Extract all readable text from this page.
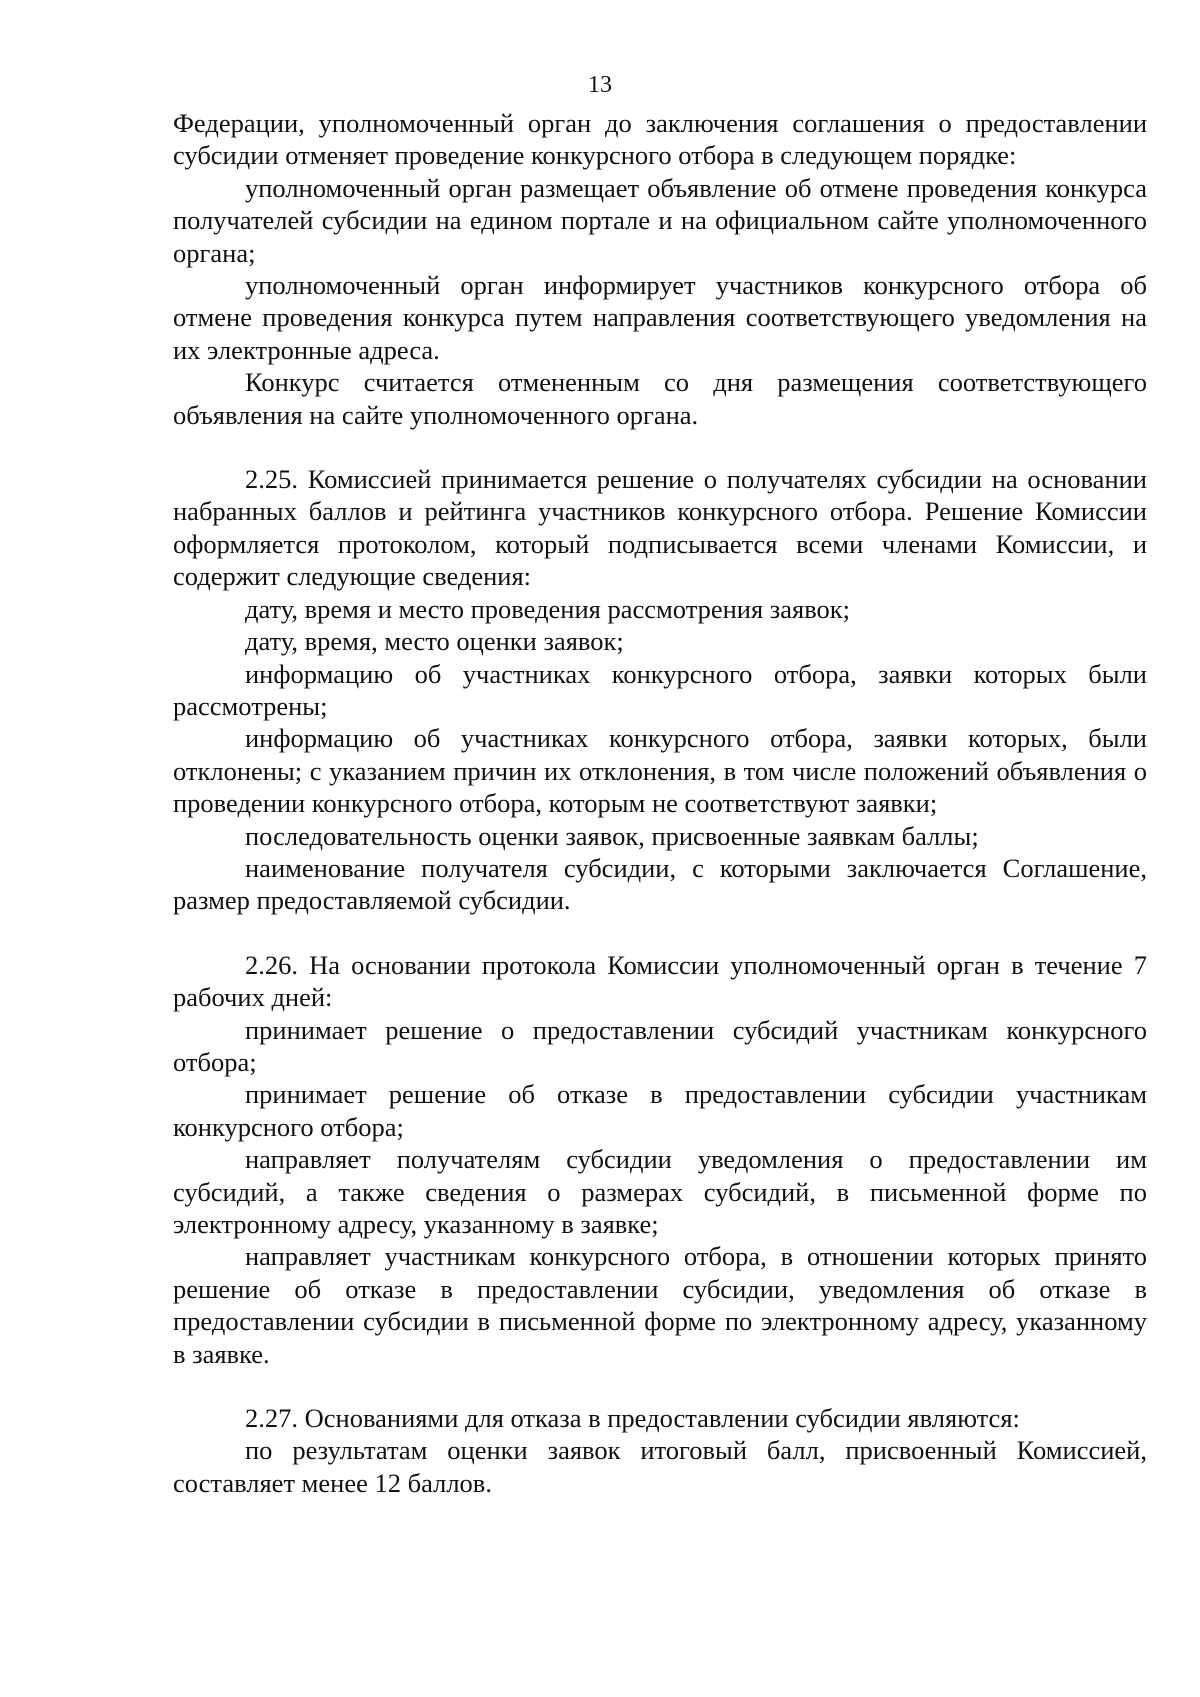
13

Федерации, уполномоченный орган до заключения соглашения о предоставлении субсидии отменяет проведение конкурсного отбора в следующем порядке:

уполномоченный орган размещает объявление об отмене проведения конкурса получателей субсидии на едином портале и на официальном сайте уполномоченного органа;

уполномоченный орган информирует участников конкурсного отбора об отмене проведения конкурса путем направления соответствующего уведомления на их электронные адреса.

Конкурс считается отмененным со дня размещения соответствующего объявления на сайте уполномоченного органа.

2.25. Комиссией принимается решение о получателях субсидии на основании набранных баллов и рейтинга участников конкурсного отбора. Решение Комиссии оформляется протоколом, который подписывается всеми членами Комиссии, и содержит следующие сведения:

дату, время и место проведения рассмотрения заявок;

дату, время, место оценки заявок;

информацию об участниках конкурсного отбора, заявки которых были рассмотрены;

информацию об участниках конкурсного отбора, заявки которых, были отклонены; с указанием причин их отклонения, в том числе положений объявления о проведении конкурсного отбора, которым не соответствуют заявки;

последовательность оценки заявок, присвоенные заявкам баллы;

наименование получателя субсидии, с которыми заключается Соглашение, размер предоставляемой субсидии.

2.26. На основании протокола Комиссии уполномоченный орган в течение 7 рабочих дней:

принимает решение о предоставлении субсидий участникам конкурсного отбора;

принимает решение об отказе в предоставлении субсидии участникам конкурсного отбора;

направляет получателям субсидии уведомления о предоставлении им субсидий, а также сведения о размерах субсидий, в письменной форме по электронному адресу, указанному в заявке;

направляет участникам конкурсного отбора, в отношении которых принято решение об отказе в предоставлении субсидии, уведомления об отказе в предоставлении субсидии в письменной форме по электронному адресу, указанному в заявке.

2.27. Основаниями для отказа в предоставлении субсидии являются:

по результатам оценки заявок итоговый балл, присвоенный Комиссией, составляет менее 12 баллов.
